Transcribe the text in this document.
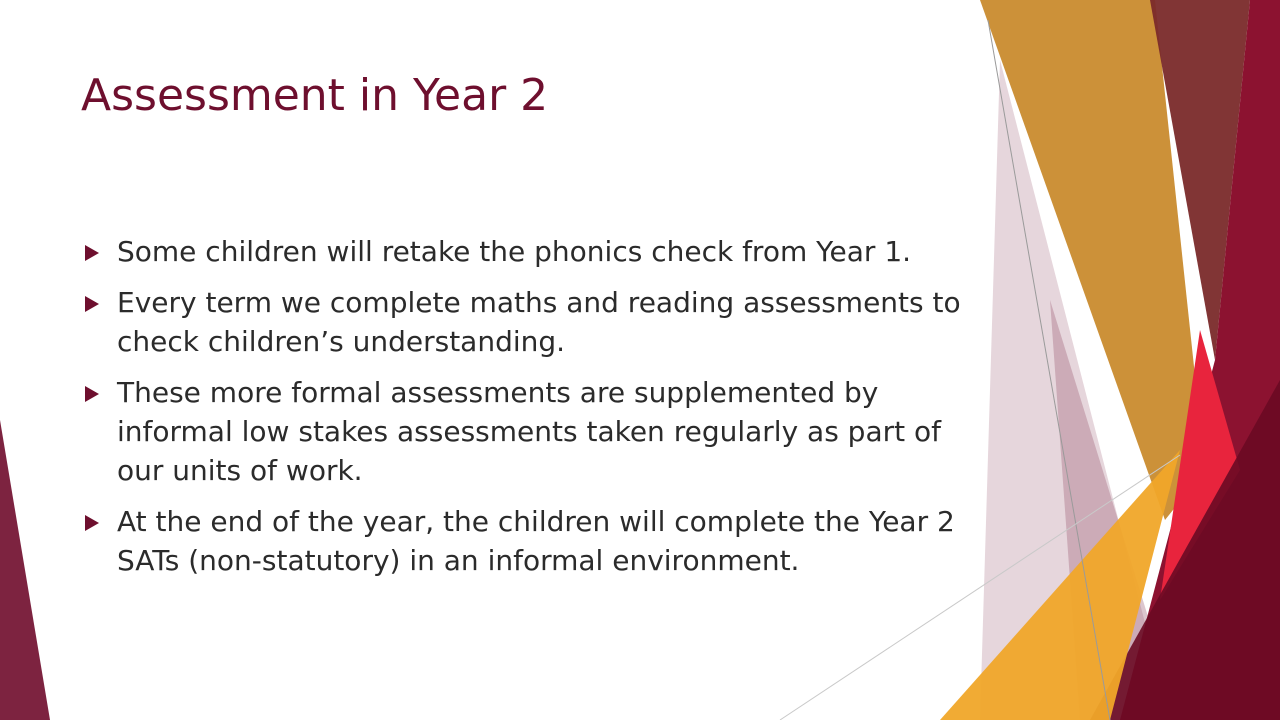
Assessment in Year 2
Some children will retake the phonics check from Year 1.
Every term we complete maths and reading assessments to check children’s understanding.
These more formal assessments are supplemented by informal low stakes assessments taken regularly as part of our units of work.
At the end of the year, the children will complete the Year 2 SATs (non-statutory) in an informal environment.
